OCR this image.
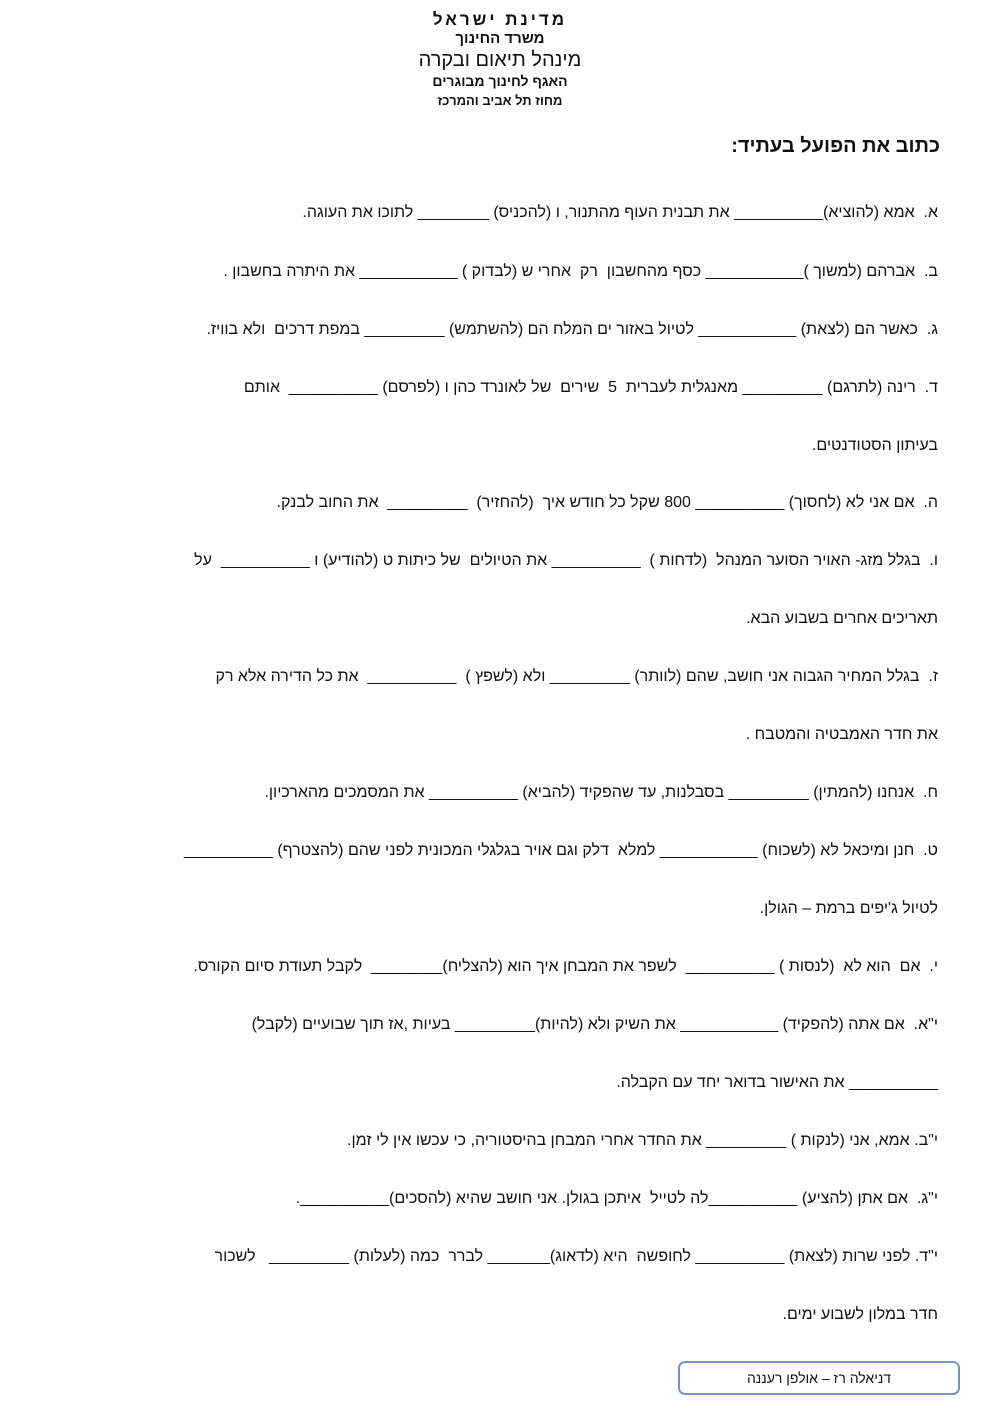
מדינת ישראל
משרד החינוך
מינהל תיאום ובקרה
האגף לחינוך מבוגרים
מחוז תל אביב והמרכז
כתוב את הפועל בעתיד:
א.  אמא (להוציא)__________ את תבנית העוף מהתנור, ו (להכניס) ________ לתוכו את העוגה.
ב.  אברהם (למשוך )___________ כסף מהחשבון  רק  אחרי ש (לבדוק ) ___________ את היתרה בחשבון .
ג.  כאשר הם (לצאת) ___________ לטיול באזור ים המלח הם (להשתמש) _________ במפת דרכים  ולא בוויז.
ד.  רינה (לתרגם) _________ מאנגלית לעברית  5  שירים  של לאונרד כהן ו (לפרסם) __________  אותם
בעיתון הסטודנטים.
ה.  אם אני לא (לחסוך) __________ 800 שקל כל חודש איך  (להחזיר)  _________  את החוב לבנק.
ו.  בגלל מזג- האויר הסוער המנהל  (לדחות )  __________ את הטיולים  של כיתות ט (להודיע) ו __________  על
תאריכים אחרים בשבוע הבא.
ז.  בגלל המחיר הגבוה אני חושב, שהם (לוותר) _________ ולא (לשפץ )  __________  את כל הדירה אלא רק
את חדר האמבטיה והמטבח .
ח.  אנחנו (להמתין) _________ בסבלנות, עד שהפקיד (להביא) __________ את המסמכים מהארכיון.
ט.  חנן ומיכאל לא (לשכוח) ___________ למלא  דלק וגם אויר בגלגלי המכונית לפני שהם (להצטרף) __________
לטיול ג'יפים ברמת – הגולן.
י.  אם  הוא לא  (לנסות ) __________  לשפר את המבחן איך הוא (להצליח)________  לקבל תעודת סיום הקורס.
י"א.  אם אתה (להפקיד) ___________ את השיק ולא (להיות)_________ בעיות ,אז תוך שבועיים (לקבל)
__________ את האישור בדואר יחד עם הקבלה.
י"ב. אמא, אני (לנקות ) _________ את החדר אחרי המבחן בהיסטוריה, כי עכשו אין לי זמן.
י"ג.  אם אתן (להציע) __________לה לטייל  איתכן בגולן. אני חושב שהיא (להסכים)__________.
י"ד. לפני שרות (לצאת) __________ לחופשה  היא (לדאוג)_______ לברר  כמה (לעלות) _________   לשכור
חדר במלון לשבוע ימים.
דניאלה רז – אולפן רעננה
